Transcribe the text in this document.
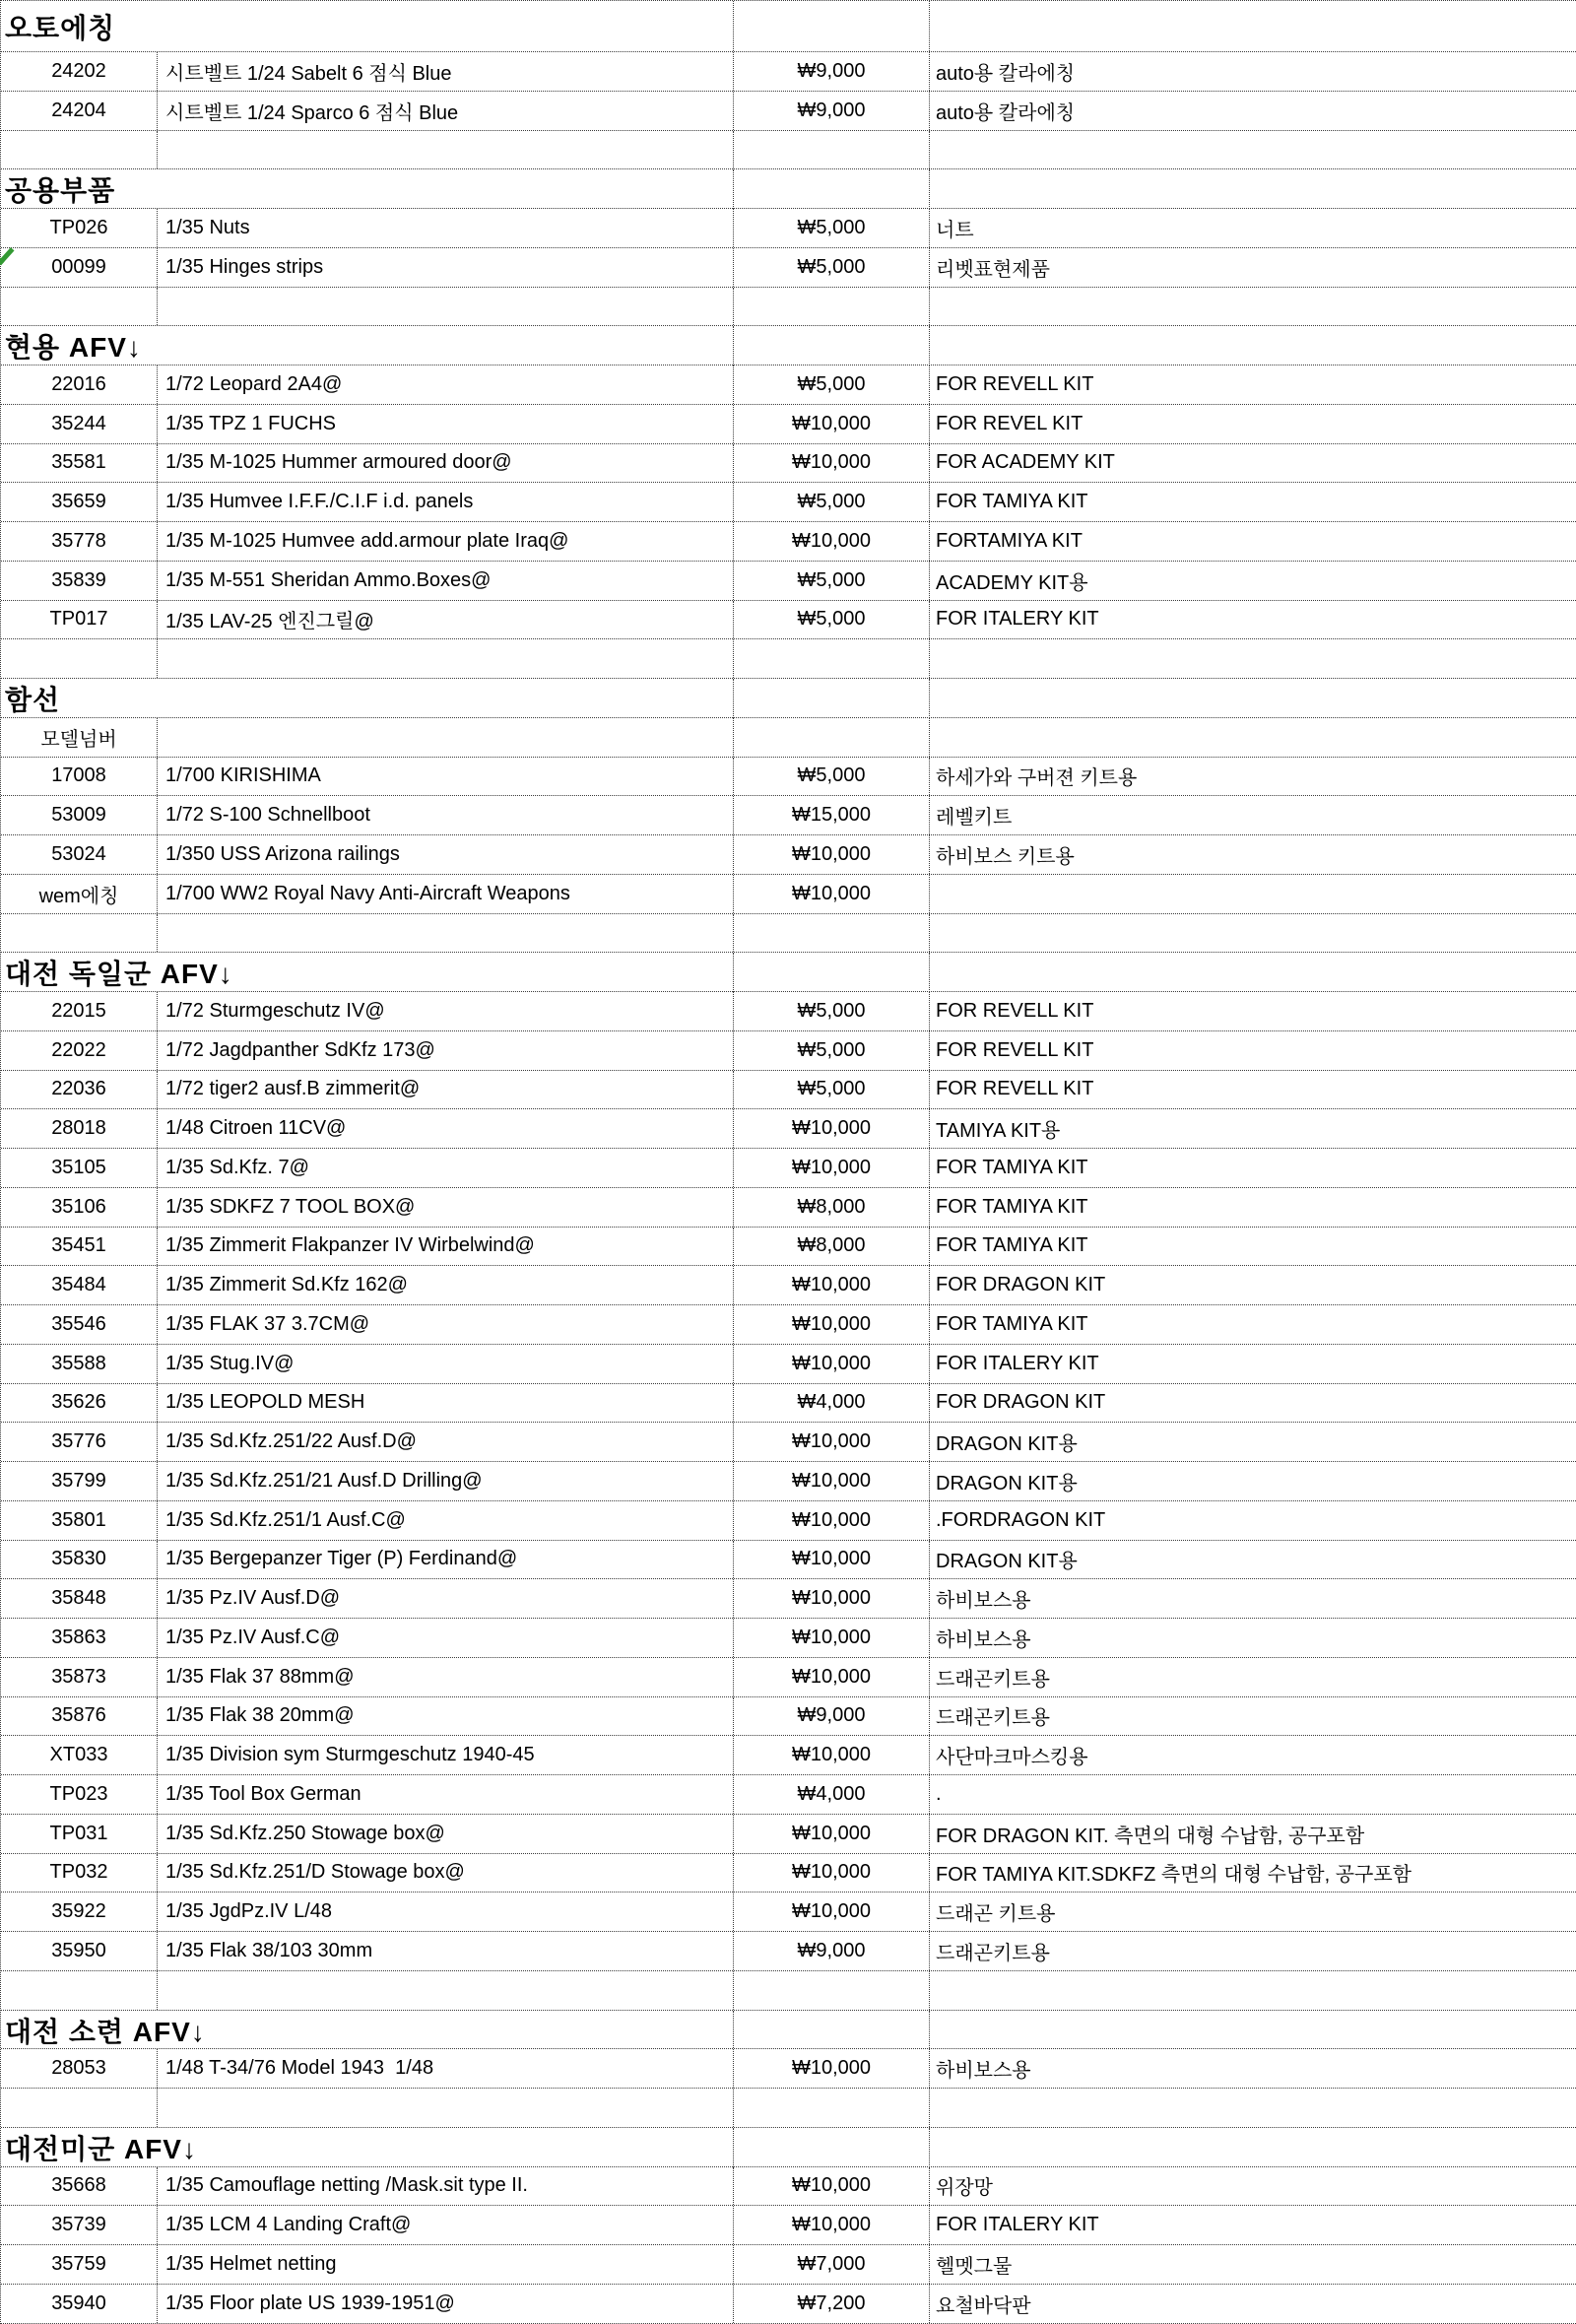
오토에칭
24202	시트벨트 1/24 Sabelt 6 점식 Blue	₩9,000	auto용 칼라에칭
24204	시트벨트 1/24 Sparco 6 점식 Blue	₩9,000	auto용 칼라에칭
공용부품
TP026	1/35 Nuts	₩5,000	너트
00099	1/35 Hinges strips	₩5,000	리벳표현제품
현용 AFV↓
22016	1/72 Leopard 2A4@	₩5,000	FOR REVELL KIT
35244	1/35 TPZ 1 FUCHS	₩10,000	FOR REVEL KIT
35581	1/35 M-1025 Hummer armoured door@	₩10,000	FOR ACADEMY KIT
35659	1/35 Humvee I.F.F./C.I.F i.d. panels	₩5,000	FOR TAMIYA KIT
35778	1/35 M-1025 Humvee add.armour plate Iraq@	₩10,000	FORTAMIYA KIT
35839	1/35 M-551 Sheridan Ammo.Boxes@	₩5,000	ACADEMY KIT용
TP017	1/35 LAV-25 엔진그릴@	₩5,000	FOR ITALERY KIT
함선
모델넘버
17008	1/700 KIRISHIMA	₩5,000	하세가와 구버젼 키트용
53009	1/72 S-100 Schnellboot	₩15,000	레벨키트
53024	1/350 USS Arizona railings	₩10,000	하비보스 키트용
wem에칭	1/700 WW2 Royal Navy Anti-Aircraft Weapons	₩10,000
대전 독일군 AFV↓
22015	1/72 Sturmgeschutz IV@	₩5,000	FOR REVELL KIT
22022	1/72 Jagdpanther SdKfz 173@	₩5,000	FOR REVELL KIT
22036	1/72 tiger2 ausf.B zimmerit@	₩5,000	FOR REVELL KIT
28018	1/48 Citroen 11CV@	₩10,000	TAMIYA KIT용
35105	1/35 Sd.Kfz. 7@	₩10,000	FOR TAMIYA KIT
35106	1/35 SDKFZ 7 TOOL BOX@	₩8,000	FOR TAMIYA KIT
35451	1/35 Zimmerit Flakpanzer IV Wirbelwind@	₩8,000	FOR TAMIYA KIT
35484	1/35 Zimmerit Sd.Kfz 162@	₩10,000	FOR DRAGON KIT
35546	1/35 FLAK 37 3.7CM@	₩10,000	FOR TAMIYA KIT
35588	1/35 Stug.IV@	₩10,000	FOR ITALERY KIT
35626	1/35 LEOPOLD MESH	₩4,000	FOR DRAGON KIT
35776	1/35 Sd.Kfz.251/22 Ausf.D@	₩10,000	DRAGON KIT용
35799	1/35 Sd.Kfz.251/21 Ausf.D Drilling@	₩10,000	DRAGON KIT용
35801	1/35 Sd.Kfz.251/1 Ausf.C@	₩10,000	.FORDRAGON KIT
35830	1/35 Bergepanzer Tiger (P) Ferdinand@	₩10,000	DRAGON KIT용
35848	1/35 Pz.IV Ausf.D@	₩10,000	하비보스용
35863	1/35 Pz.IV Ausf.C@	₩10,000	하비보스용
35873	1/35 Flak 37 88mm@	₩10,000	드래곤키트용
35876	1/35 Flak 38 20mm@	₩9,000	드래곤키트용
XT033	1/35 Division sym Sturmgeschutz 1940-45	₩10,000	사단마크마스킹용
TP023	1/35 Tool Box German	₩4,000	.
TP031	1/35 Sd.Kfz.250 Stowage box@	₩10,000	FOR DRAGON KIT. 측면의 대형 수납함, 공구포함
TP032	1/35 Sd.Kfz.251/D Stowage box@	₩10,000	FOR TAMIYA KIT.SDKFZ 측면의 대형 수납함, 공구포함
35922	1/35 JgdPz.IV L/48	₩10,000	드래곤 키트용
35950	1/35 Flak 38/103 30mm	₩9,000	드래곤키트용
대전 소련 AFV↓
28053	1/48 T-34/76 Model 1943  1/48	₩10,000	하비보스용
대전미군 AFV↓
35668	1/35 Camouflage netting /Mask.sit type II.	₩10,000	위장망
35739	1/35 LCM 4 Landing Craft@	₩10,000	FOR ITALERY KIT
35759	1/35 Helmet netting	₩7,000	헬멧그물
35940	1/35 Floor plate US 1939-1951@	₩7,200	요철바닥판
